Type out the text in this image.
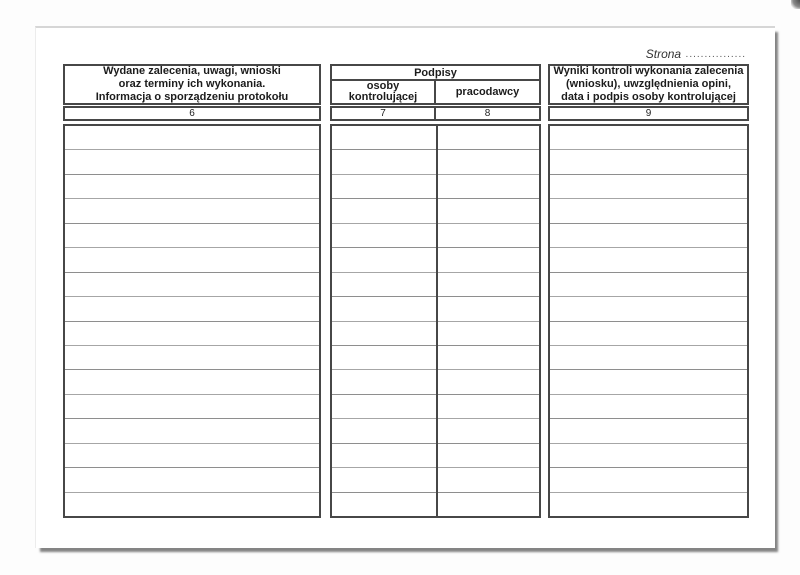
Strona ................
Wydane zalecenia, uwagi, wnioski
oraz terminy ich wykonania.
Informacja o sporządzeniu protokołu
6
Podpisy
osoby
kontrolującej	pracodawcy
7	8
Wyniki kontroli wykonania zalecenia
(wniosku), uwzględnienia opini,
data i podpis osoby kontrolującej
9
